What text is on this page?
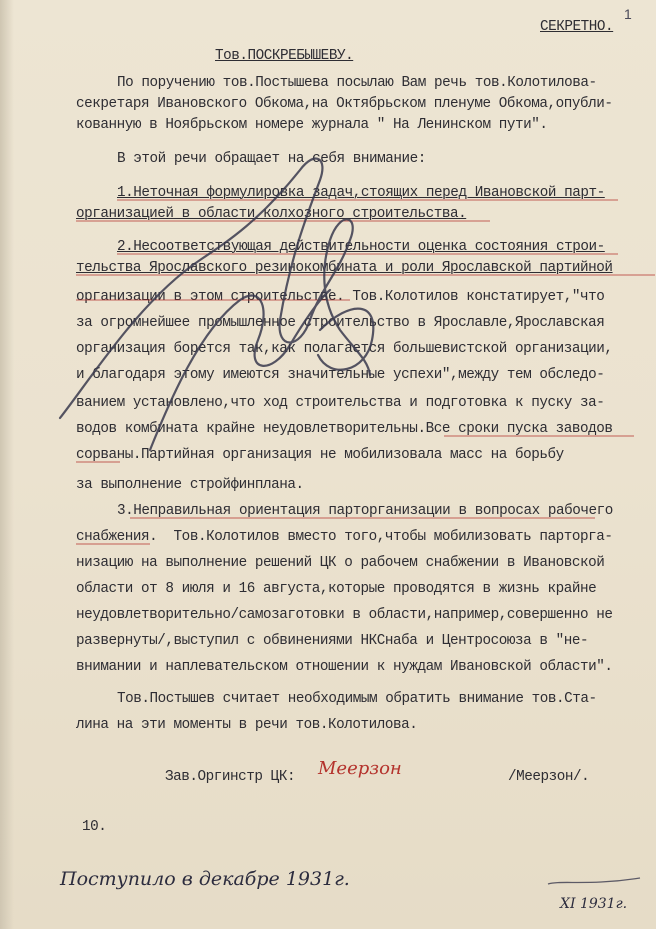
1
СЕКРЕТНО.
Тов.ПОСКРЕБЫШЕВУ.
По поручению тов.Постышева посылаю Вам речь тов.Колотилова-
секретаря Ивановского Обкома,на Октябрьском пленуме Обкома,опубли-
кованную в Ноябрьском номере журнала " На Ленинском пути".
В этой речи обращает на себя внимание:
1.Неточная формулировка задач,стоящих перед Ивановской парт-
организацией в области колхозного строительства.
2.Несоответствующая действительности оценка состояния строи-
тельства Ярославского резинокомбината и роли Ярославской партийной
организации в этом строительстве. Тов.Колотилов констатирует,"что
за огромнейшее промышленное строительство в Ярославле,Ярославская
организация борется так,как полагается большевистской организации,
и благодаря этому имеются значительные успехи",между тем обследо-
ванием установлено,что ход строительства и подготовка к пуску за-
водов комбината крайне неудовлетворительны.Все сроки пуска заводов
сорваны.Партийная организация не мобилизовала масс на борьбу
за выполнение стройфинплана.
3.Неправильная ориентация парторганизации в вопросах рабочего
снабжения.  Тов.Колотилов вместо того,чтобы мобилизовать парторга-
низацию на выполнение решений ЦК о рабочем снабжении в Ивановской
области от 8 июля и 16 августа,которые проводятся в жизнь крайне
неудовлетворительно/самозаготовки в области,например,совершенно не
развернуты/,выступил с обвинениями НКСнаба и Центросоюза в "не-
внимании и наплевательском отношении к нуждам Ивановской области".
Тов.Постышев считает необходимым обратить внимание тов.Ста-
лина на эти моменты в речи тов.Колотилова.
Зав.Оргинстр ЦК: Меерзон	/Меерзон/.
10.
Поступило в декабре 1931г.
XI 1931г.
